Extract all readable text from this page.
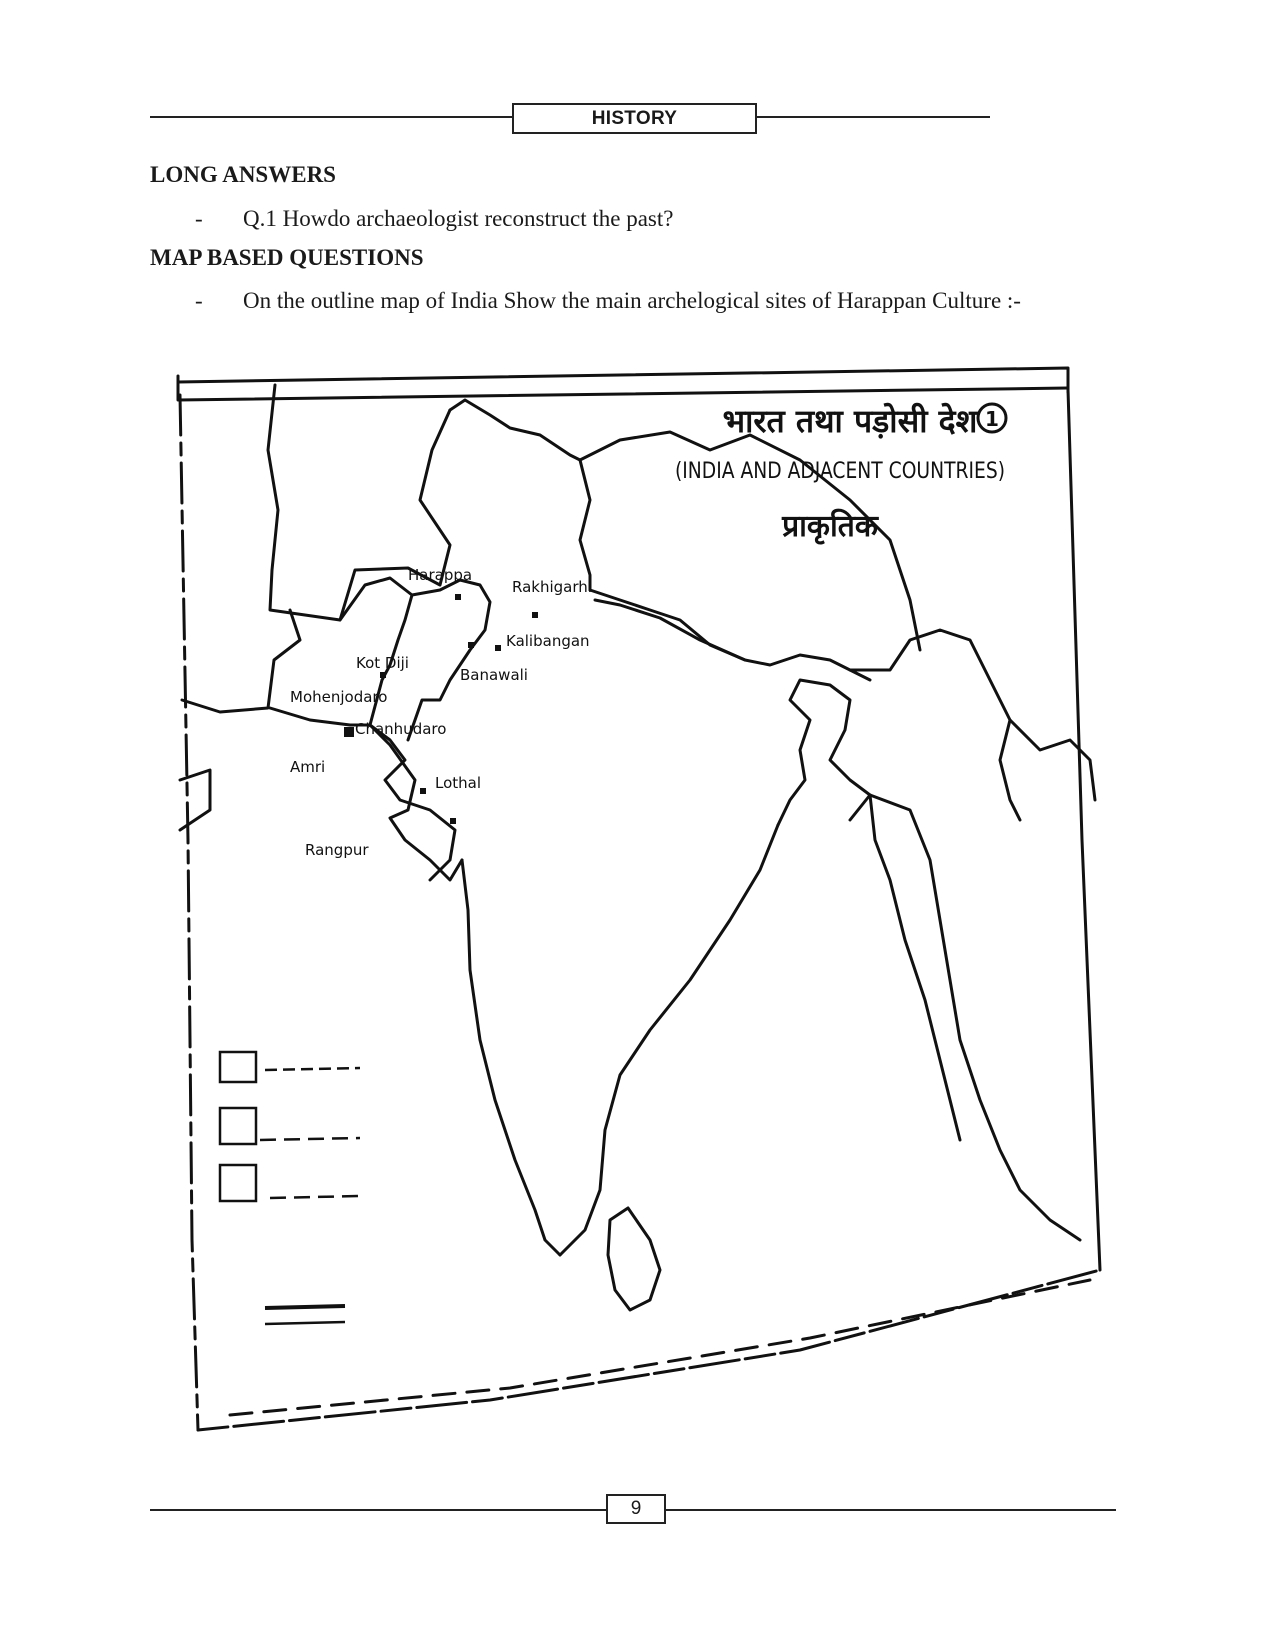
HISTORY
LONG ANSWERS
- Q.1 Howdo archaeologist reconstruct the past?
MAP BASED QUESTIONS
- On the outline map of India Show the main archelogical sites of Harappan Culture :-
1
भारत तथा पड़ोसी देश
(INDIA AND ADJACENT COUNTRIES)
प्राकृतिक
Harappa
Rakhigarhi
Kalibangan
Banawali
Kot Diji
Mohenjodaro
Amri
Chanhudaro
Lothal
Rangpur
9
